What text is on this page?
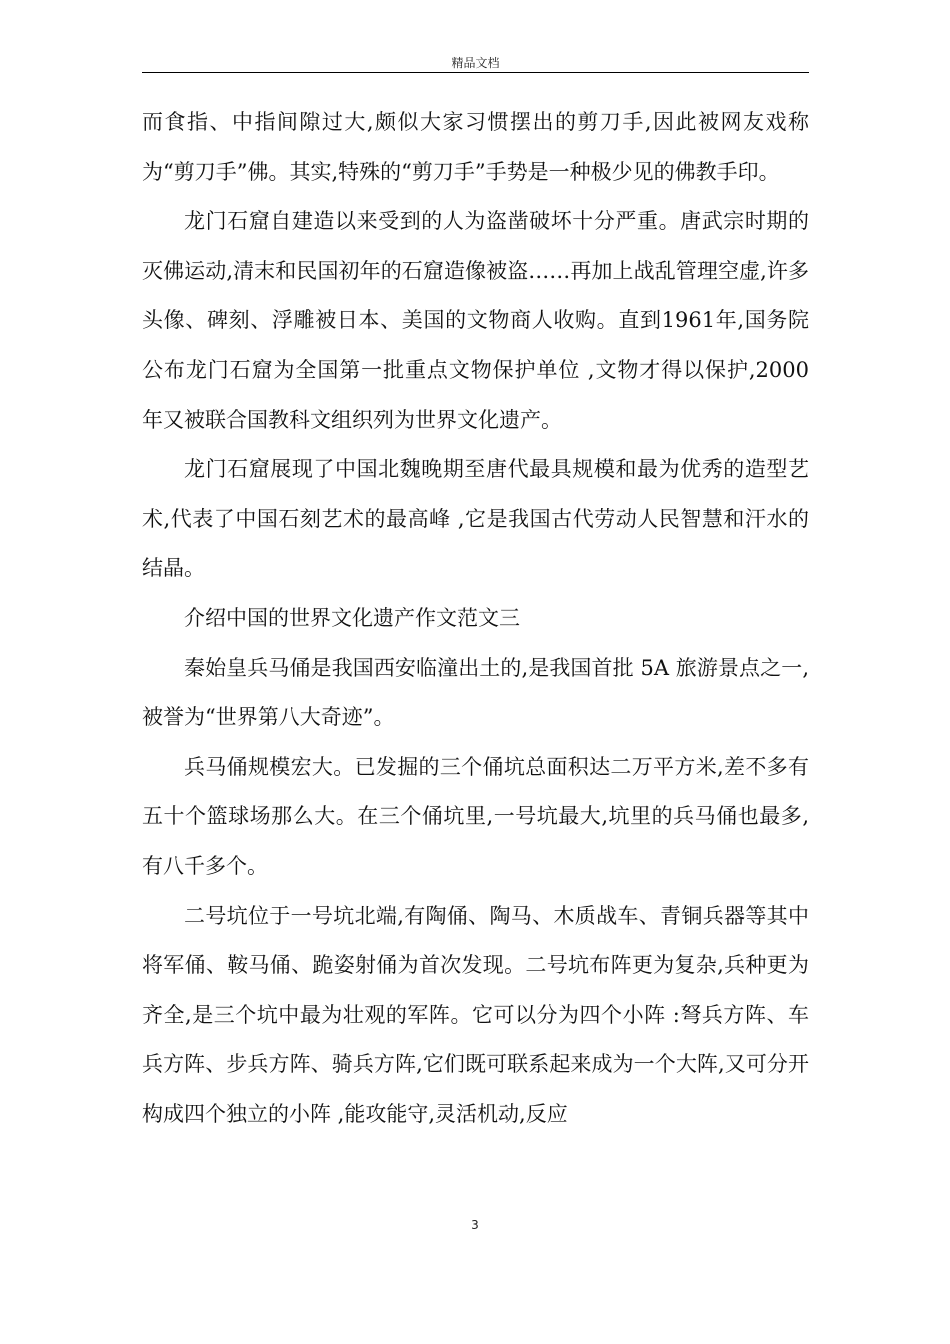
精品文档

而食指、中指间隙过大,颇似大家习惯摆出的剪刀手,因此被网友戏称为“剪刀手”佛。其实,特殊的“剪刀手”手势是一种极少见的佛教手印。

龙门石窟自建造以来受到的人为盗凿破坏十分严重。唐武宗时期的灭佛运动,清末和民国初年的石窟造像被盗……再加上战乱管理空虚,许多头像、碑刻、浮雕被日本、美国的文物商人收购。直到1961年,国务院公布龙门石窟为全国第一批重点文物保护单位 ,文物才得以保护,2000 年又被联合国教科文组织列为世界文化遗产。

龙门石窟展现了中国北魏晚期至唐代最具规模和最为优秀的造型艺术,代表了中国石刻艺术的最高峰 ,它是我国古代劳动人民智慧和汗水的结晶。

介绍中国的世界文化遗产作文范文三

秦始皇兵马俑是我国西安临潼出土的,是我国首批 5A 旅游景点之一,被誉为“世界第八大奇迹”。

兵马俑规模宏大。已发掘的三个俑坑总面积达二万平方米,差不多有五十个篮球场那么大。在三个俑坑里,一号坑最大,坑里的兵马俑也最多,有八千多个。

二号坑位于一号坑北端,有陶俑、陶马、木质战车、青铜兵器等其中将军俑、鞍马俑、跪姿射俑为首次发现。二号坑布阵更为复杂,兵种更为齐全,是三个坑中最为壮观的军阵。它可以分为四个小阵 :弩兵方阵、车兵方阵、步兵方阵、骑兵方阵,它们既可联系起来成为一个大阵,又可分开构成四个独立的小阵 ,能攻能守,灵活机动,反应

3
